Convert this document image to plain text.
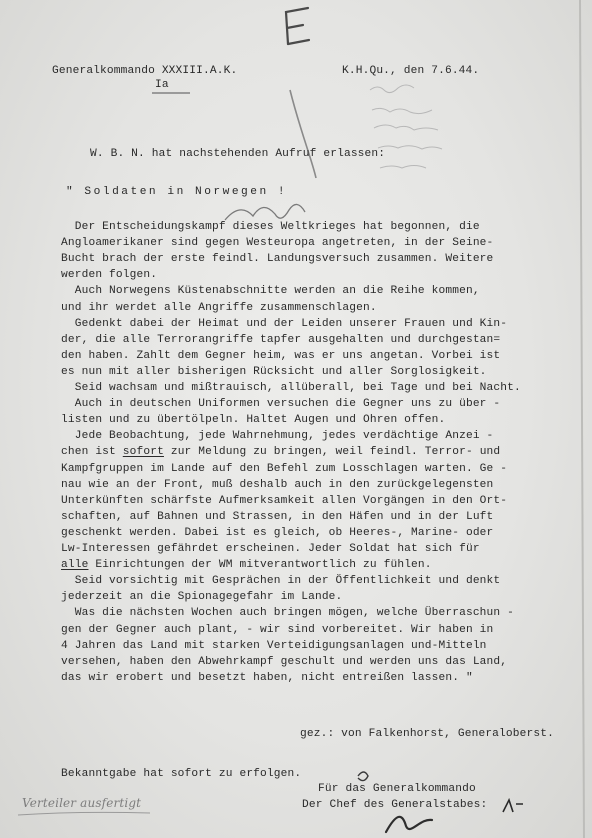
Generalkommando XXXIII.A.K.
Ia
K.H.Qu., den 7.6.44.
W. B. N. hat nachstehenden Aufruf erlassen:
" Soldaten in Norwegen !
Der Entscheidungskampf dieses Weltkrieges hat begonnen, die
Angloamerikaner sind gegen Westeuropa angetreten, in der Seine-
Bucht brach der erste feindl. Landungsversuch zusammen. Weitere
werden folgen.
Auch Norwegens Küstenabschnitte werden an die Reihe kommen,
und ihr werdet alle Angriffe zusammenschlagen.
Gedenkt dabei der Heimat und der Leiden unserer Frauen und Kin-
der, die alle Terrorangriffe tapfer ausgehalten und durchgestan=
den haben. Zahlt dem Gegner heim, was er uns angetan. Vorbei ist
es nun mit aller bisherigen Rücksicht und aller Sorglosigkeit.
Seid wachsam und mißtrauisch, allüberall, bei Tage und bei Nacht.
Auch in deutschen Uniformen versuchen die Gegner uns zu über -
listen und zu übertölpeln. Haltet Augen und Ohren offen.
Jede Beobachtung, jede Wahrnehmung, jedes verdächtige Anzei -
chen ist sofort zur Meldung zu bringen, weil feindl. Terror- und
Kampfgruppen im Lande auf den Befehl zum Losschlagen warten. Ge -
nau wie an der Front, muß deshalb auch in den zurückgelegensten
Unterkünften schärfste Aufmerksamkeit allen Vorgängen in den Ort-
schaften, auf Bahnen und Strassen, in den Häfen und in der Luft
geschenkt werden. Dabei ist es gleich, ob Heeres-, Marine- oder
Lw-Interessen gefährdet erscheinen. Jeder Soldat hat sich für
alle Einrichtungen der WM mitverantwortlich zu fühlen.
Seid vorsichtig mit Gesprächen in der Öffentlichkeit und denkt
jederzeit an die Spionagegefahr im Lande.
Was die nächsten Wochen auch bringen mögen, welche Überraschun -
gen der Gegner auch plant, - wir sind vorbereitet. Wir haben in
4 Jahren das Land mit starken Verteidigungsanlagen und-Mitteln
versehen, haben den Abwehrkampf geschult und werden uns das Land,
das wir erobert und besetzt haben, nicht entreißen lassen. "
gez.: von Falkenhorst, Generaloberst.
Bekanntgabe hat sofort zu erfolgen.
Für das Generalkommando
Der Chef des Generalstabes:
Verteiler ausfertigt
